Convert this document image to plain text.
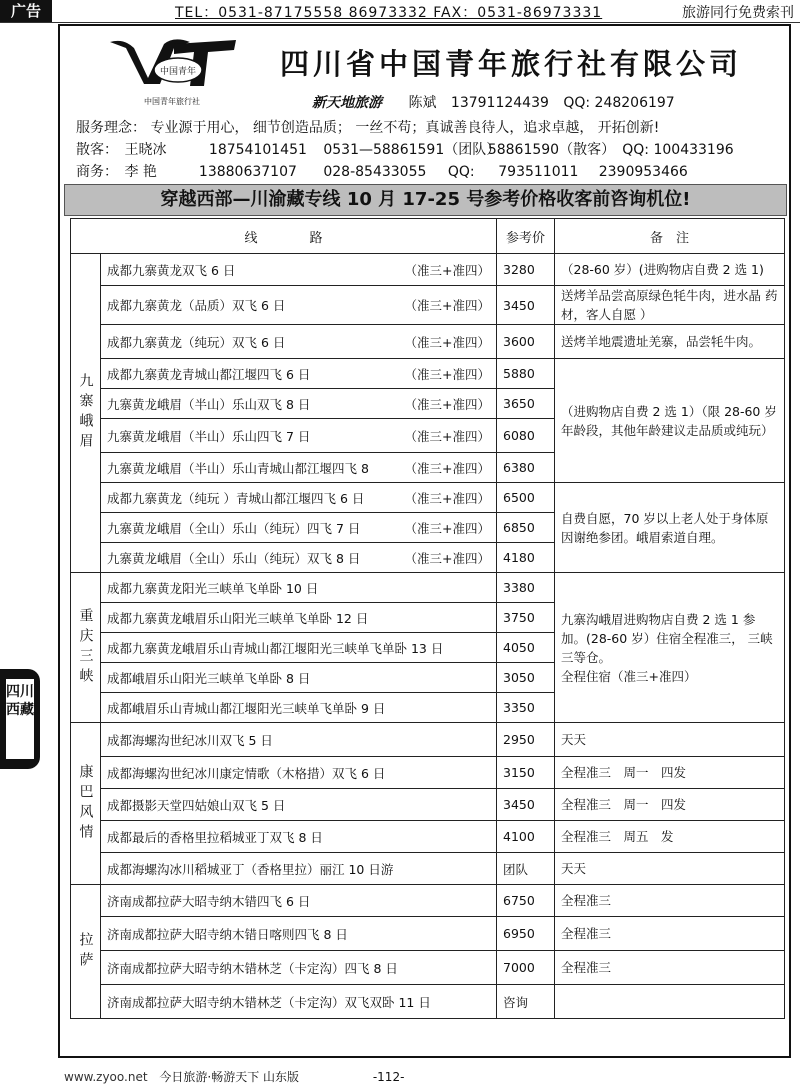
广告	TEL：0531-87175558 86973332 FAX：0531-86973331	旅游同行免费索刊
中国青年
中国青年旅行社
四川省中国青年旅行社有限公司
新天地旅游 陈斌 13791124439 QQ: 248206197
服务理念： 专业源于用心， 细节创造品质； 一丝不苟；真诚善良待人，追求卓越， 开拓创新!
散客： 王晓冰	18754101451 0531—58861591（团队） 58861590（散客） QQ: 100433196
商务： 李 艳	13880637107 028-85433055 QQ: 793511011 2390953466
穿越西部—川渝藏专线 10 月 17-25 号参考价格收客前咨询机位!
线　　　　路		参考价	备　注
九寨峨眉	成都九寨黄龙双飞 6 日 （准三+准四）	3280	（28-60 岁）(进购物店自费 2 选 1)
	成都九寨黄龙（品质）双飞 6 日 （准三+准四）	3450	送烤羊品尝高原绿色牦牛肉，进水晶 药材，客人自愿 ）
	成都九寨黄龙（纯玩）双飞 6 日 （准三+准四）	3600	送烤羊地震遗址羌寨，品尝牦牛肉。
	成都九寨黄龙青城山都江堰四飞 6 日 （准三+准四）	5880	（进购物店自费 2 选 1）（限 28-60 岁年龄段，其他年龄建议走品质或纯玩）
	九寨黄龙峨眉（半山）乐山双飞 8 日 （准三+准四）	3650	
	九寨黄龙峨眉（半山）乐山四飞 7 日 （准三+准四）	6080	
	九寨黄龙峨眉（半山）乐山青城山都江堰四飞 8 （准三+准四）	6380	
	成都九寨黄龙（纯玩 ）青城山都江堰四飞 6 日 （准三+准四）	6500	自费自愿，70 岁以上老人处于身体原因谢绝参团。峨眉索道自理。
	九寨黄龙峨眉（全山）乐山（纯玩）四飞 7 日 （准三+准四）	6850	
	九寨黄龙峨眉（全山）乐山（纯玩）双飞 8 日 （准三+准四）	4180	
重庆三峡	成都九寨黄龙阳光三峡单飞单卧 10 日	3380	九寨沟峨眉进购物店自费 2 选 1 参加。(28-60 岁）住宿全程准三， 三峡三等仓。
全程住宿（准三+准四）
	成都九寨黄龙峨眉乐山阳光三峡单飞单卧 12 日	3750	
	成都九寨黄龙峨眉乐山青城山都江堰阳光三峡单飞单卧 13 日	4050	
	成都峨眉乐山阳光三峡单飞单卧 8 日	3050	
	成都峨眉乐山青城山都江堰阳光三峡单飞单卧 9 日	3350	
康巴风情	成都海螺沟世纪冰川双飞 5 日	2950	天天
	成都海螺沟世纪冰川康定情歌（木格措）双飞 6 日	3150	全程准三　周一　四发
	成都摄影天堂四姑娘山双飞 5 日	3450	全程准三　周一　四发
	成都最后的香格里拉稻城亚丁双飞 8 日	4100	全程准三　周五　发
	成都海螺沟冰川稻城亚丁（香格里拉）丽江 10 日游	团队	天天
拉萨	济南成都拉萨大昭寺纳木错四飞 6 日	6750	全程准三
	济南成都拉萨大昭寺纳木错日喀则四飞 8 日	6950	全程准三
	济南成都拉萨大昭寺纳木错林芝（卡定沟）四飞 8 日	7000	全程准三
	济南成都拉萨大昭寺纳木错林芝（卡定沟）双飞双卧 11 日	咨询	
四川西藏
www.zyoo.net 今日旅游·畅游天下 山东版	-112-
